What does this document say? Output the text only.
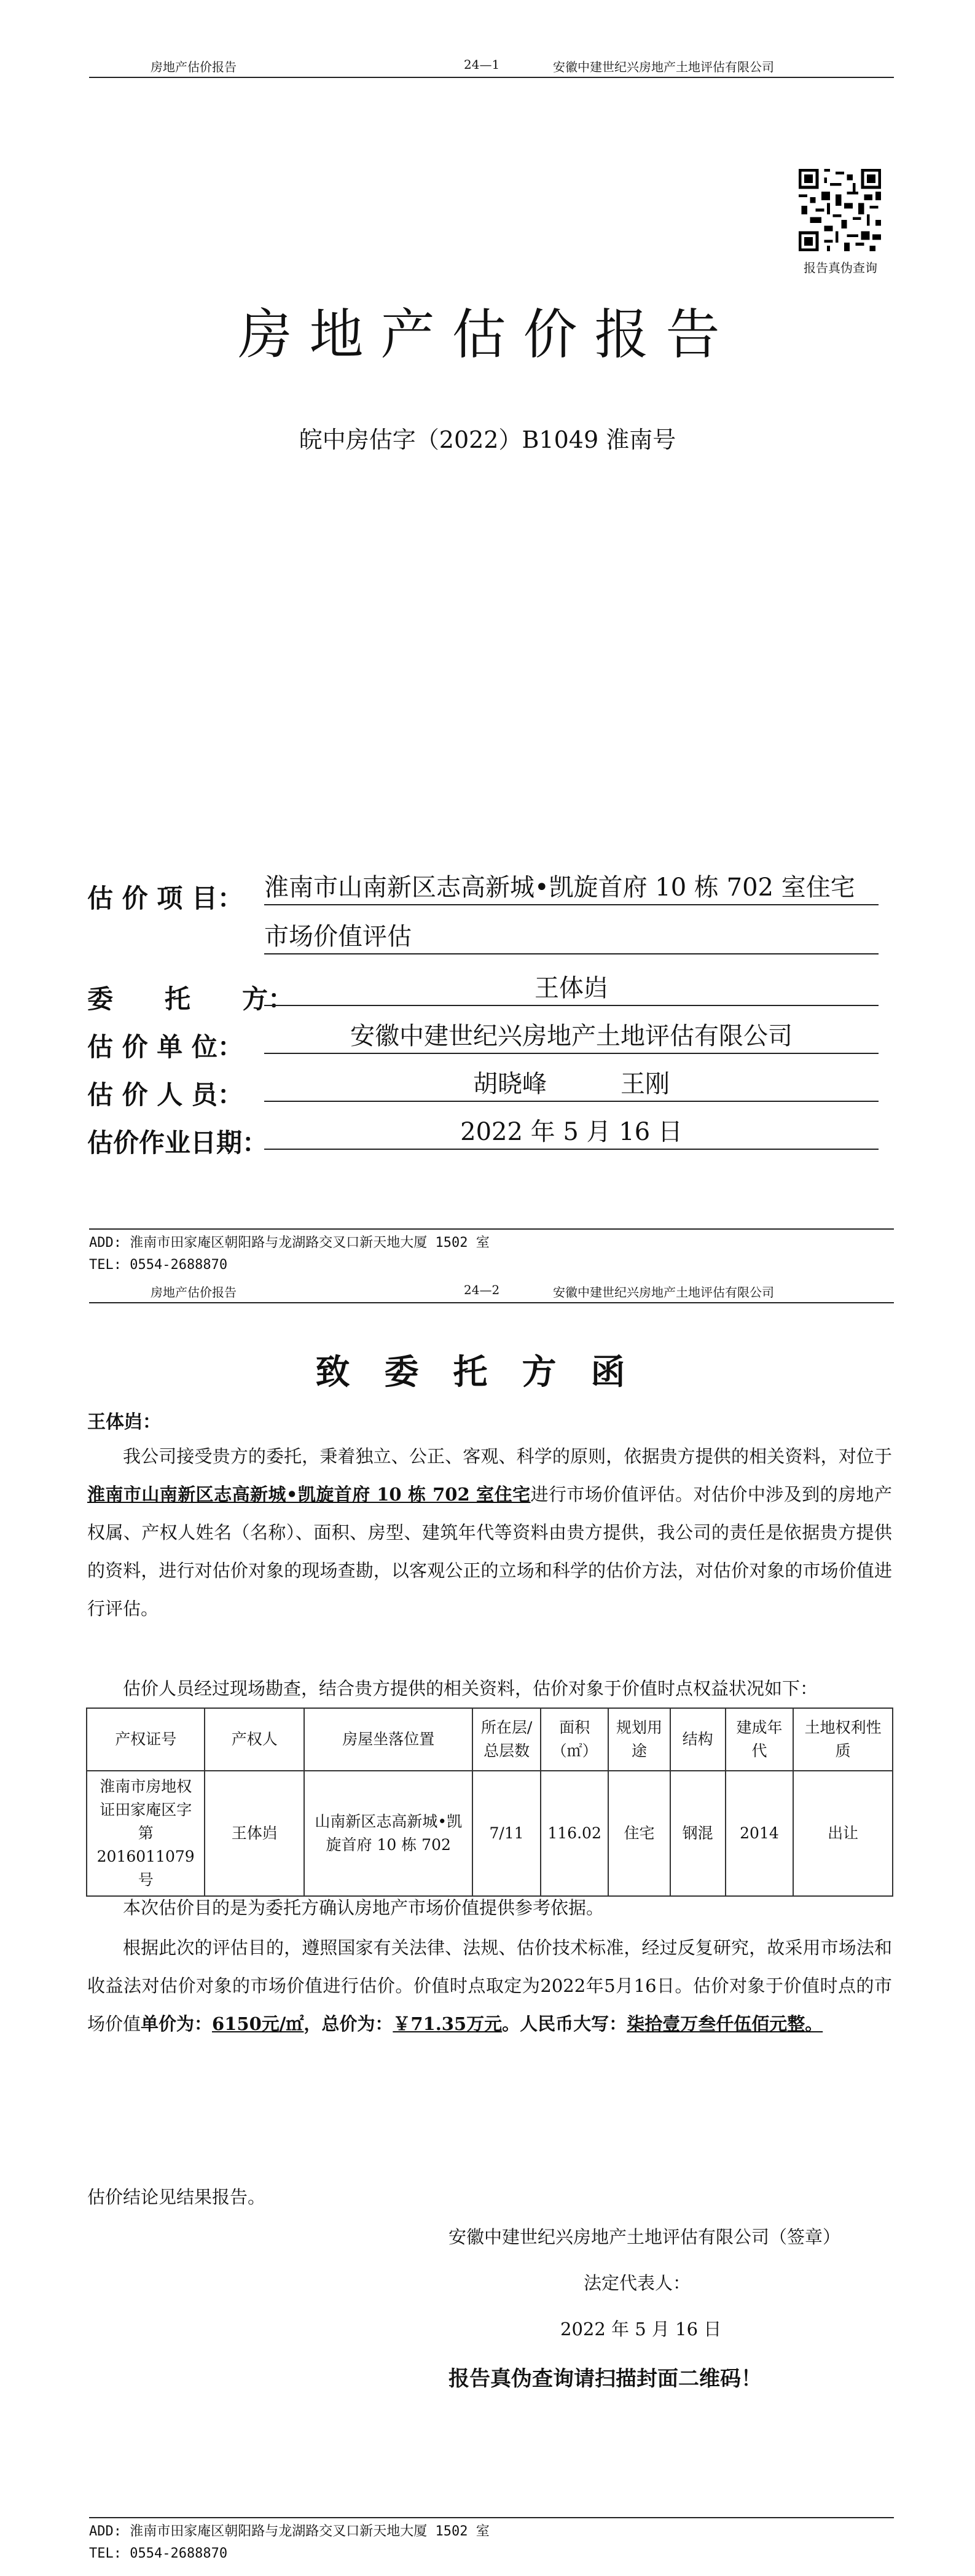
房地产估价报告	24—1	安徽中建世纪兴房地产土地评估有限公司
报告真伪查询
房地产估价报告
皖中房估字（2022）B1049 淮南号
估 价 项 目： 淮南市山南新区志高新城•凯旋首府 10 栋 702 室住宅
市场价值评估
委　　托　　方：	王体岿
估 价 单 位：	安徽中建世纪兴房地产土地评估有限公司
估 价 人 员：	胡晓峰　　　王刚
估价作业日期：	2022 年 5 月 16 日
ADD: 淮南市田家庵区朝阳路与龙湖路交叉口新天地大厦 1502 室
TEL: 0554-2688870
房地产估价报告	24—2	安徽中建世纪兴房地产土地评估有限公司
致委托方函
王体岿：
我公司接受贵方的委托，秉着独立、公正、客观、科学的原则，依据贵方提供的相关资料，对位于淮南市山南新区志高新城•凯旋首府 10 栋 702 室住宅进行市场价值评估。对估价中涉及到的房地产权属、产权人姓名（名称）、面积、房型、建筑年代等资料由贵方提供，我公司的责任是依据贵方提供的资料，进行对估价对象的现场查勘，以客观公正的立场和科学的估价方法，对估价对象的市场价值进行评估。
估价人员经过现场勘查，结合贵方提供的相关资料，估价对象于价值时点权益状况如下：
产权证号	产权人	房屋坐落位置	所在层/总层数	面积（㎡）	规划用途	结构	建成年代	土地权利性质
淮南市房地权证田家庵区字第 2016011079 号	王体岿	山南新区志高新城•凯旋首府 10 栋 702	7/11	116.02	住宅	钢混	2014	出让
本次估价目的是为委托方确认房地产市场价值提供参考依据。
根据此次的评估目的，遵照国家有关法律、法规、估价技术标准，经过反复研究，故采用市场法和收益法对估价对象的市场价值进行估价。价值时点取定为2022年5月16日。估价对象于价值时点的市场价值单价为：6150元/㎡，总价为：￥71.35万元。人民币大写：柒拾壹万叁仟伍佰元整。
估价结论见结果报告。
安徽中建世纪兴房地产土地评估有限公司（签章）
法定代表人：
2022 年 5 月 16 日
报告真伪查询请扫描封面二维码！
ADD: 淮南市田家庵区朝阳路与龙湖路交叉口新天地大厦 1502 室
TEL: 0554-2688870
